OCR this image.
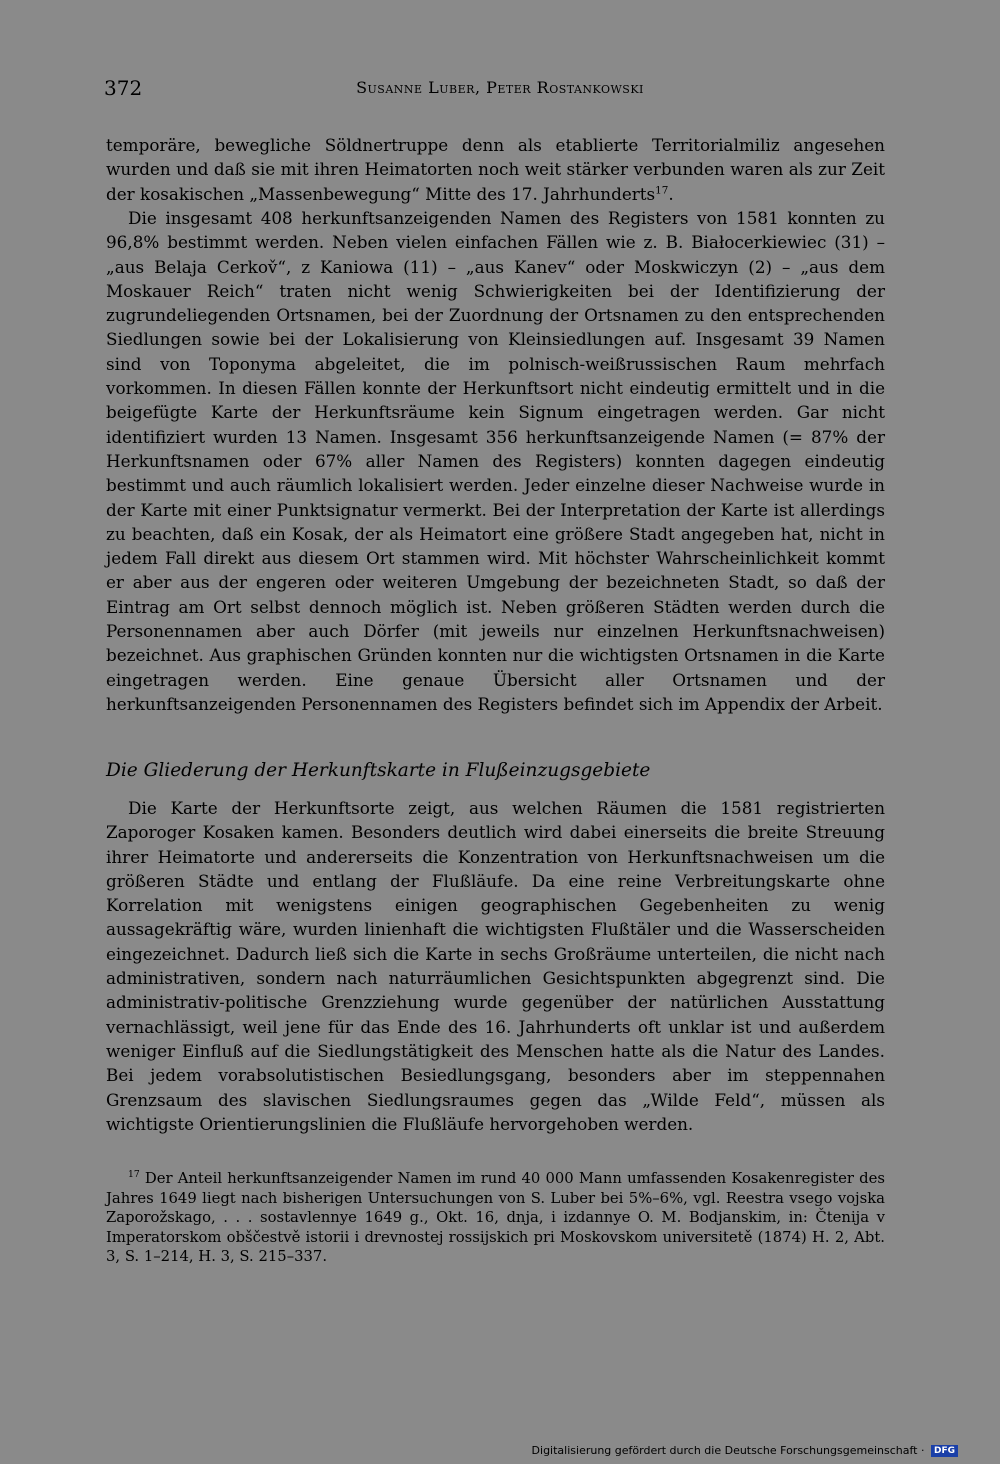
372	Susanne Luber, Peter Rostankowski

temporäre, bewegliche Söldnertruppe denn als etablierte Territorialmiliz angesehen wurden und daß sie mit ihren Heimatorten noch weit stärker verbunden waren als zur Zeit der kosakischen „Massenbewegung“ Mitte des 17. Jahrhunderts$^{17}$.

Die insgesamt 408 herkunftsanzeigenden Namen des Registers von 1581 konnten zu 96,8% bestimmt werden. Neben vielen einfachen Fällen wie z. B. Białocerkiewiec (31) – „aus Belaja Cerkov̌“, z Kaniowa (11) – „aus Kanev“ oder Moskwiczyn (2) – „aus dem Moskauer Reich“ traten nicht wenig Schwierigkeiten bei der Identifizierung der zugrundeliegenden Ortsnamen, bei der Zuordnung der Ortsnamen zu den entsprechenden Siedlungen sowie bei der Lokalisierung von Kleinsiedlungen auf. Insgesamt 39 Namen sind von Toponyma abgeleitet, die im polnisch-weißrussischen Raum mehrfach vorkommen. In diesen Fällen konnte der Herkunftsort nicht eindeutig ermittelt und in die beigefügte Karte der Herkunftsräume kein Signum eingetragen werden. Gar nicht identifiziert wurden 13 Namen. Insgesamt 356 herkunftsanzeigende Namen (= 87% der Herkunftsnamen oder 67% aller Namen des Registers) konnten dagegen eindeutig bestimmt und auch räumlich lokalisiert werden. Jeder einzelne dieser Nachweise wurde in der Karte mit einer Punktsignatur vermerkt. Bei der Interpretation der Karte ist allerdings zu beachten, daß ein Kosak, der als Heimatort eine größere Stadt angegeben hat, nicht in jedem Fall direkt aus diesem Ort stammen wird. Mit höchster Wahrscheinlichkeit kommt er aber aus der engeren oder weiteren Umgebung der bezeichneten Stadt, so daß der Eintrag am Ort selbst dennoch möglich ist. Neben größeren Städten werden durch die Personennamen aber auch Dörfer (mit jeweils nur einzelnen Herkunftsnachweisen) bezeichnet. Aus graphischen Gründen konnten nur die wichtigsten Ortsnamen in die Karte eingetragen werden. Eine genaue Übersicht aller Ortsnamen und der herkunftsanzeigenden Personennamen des Registers befindet sich im Appendix der Arbeit.

Die Gliederung der Herkunftskarte in Flußeinzugsgebiete

Die Karte der Herkunftsorte zeigt, aus welchen Räumen die 1581 registrierten Zaporoger Kosaken kamen. Besonders deutlich wird dabei einerseits die breite Streuung ihrer Heimatorte und andererseits die Konzentration von Herkunftsnachweisen um die größeren Städte und entlang der Flußläufe. Da eine reine Verbreitungskarte ohne Korrelation mit wenigstens einigen geographischen Gegebenheiten zu wenig aussagekräftig wäre, wurden linienhaft die wichtigsten Flußtäler und die Wasserscheiden eingezeichnet. Dadurch ließ sich die Karte in sechs Großräume unterteilen, die nicht nach administrativen, sondern nach naturräumlichen Gesichtspunkten abgegrenzt sind. Die administrativ-politische Grenzziehung wurde gegenüber der natürlichen Ausstattung vernachlässigt, weil jene für das Ende des 16. Jahrhunderts oft unklar ist und außerdem weniger Einfluß auf die Siedlungstätigkeit des Menschen hatte als die Natur des Landes. Bei jedem vorabsolutistischen Besiedlungsgang, besonders aber im steppennahen Grenzsaum des slavischen Siedlungsraumes gegen das „Wilde Feld“, müssen als wichtigste Orientierungslinien die Flußläufe hervorgehoben werden.

$^{17}$ Der Anteil herkunftsanzeigender Namen im rund 40 000 Mann umfassenden Kosakenregister des Jahres 1649 liegt nach bisherigen Untersuchungen von S. Luber bei 5%–6%, vgl. Reestra vsego vojska Zaporožskago, . . . sostavlennye 1649 g., Okt. 16, dnja, i izdannye O. M. Bodjanskim, in: Čtenija v Imperatorskom obščestvě istorii i drevnostej rossijskich pri Moskovskom universitetě (1874) H. 2, Abt. 3, S. 1–214, H. 3, S. 215–337.

Digitalisierung gefördert durch die Deutsche Forschungsgemeinschaft · DFG
